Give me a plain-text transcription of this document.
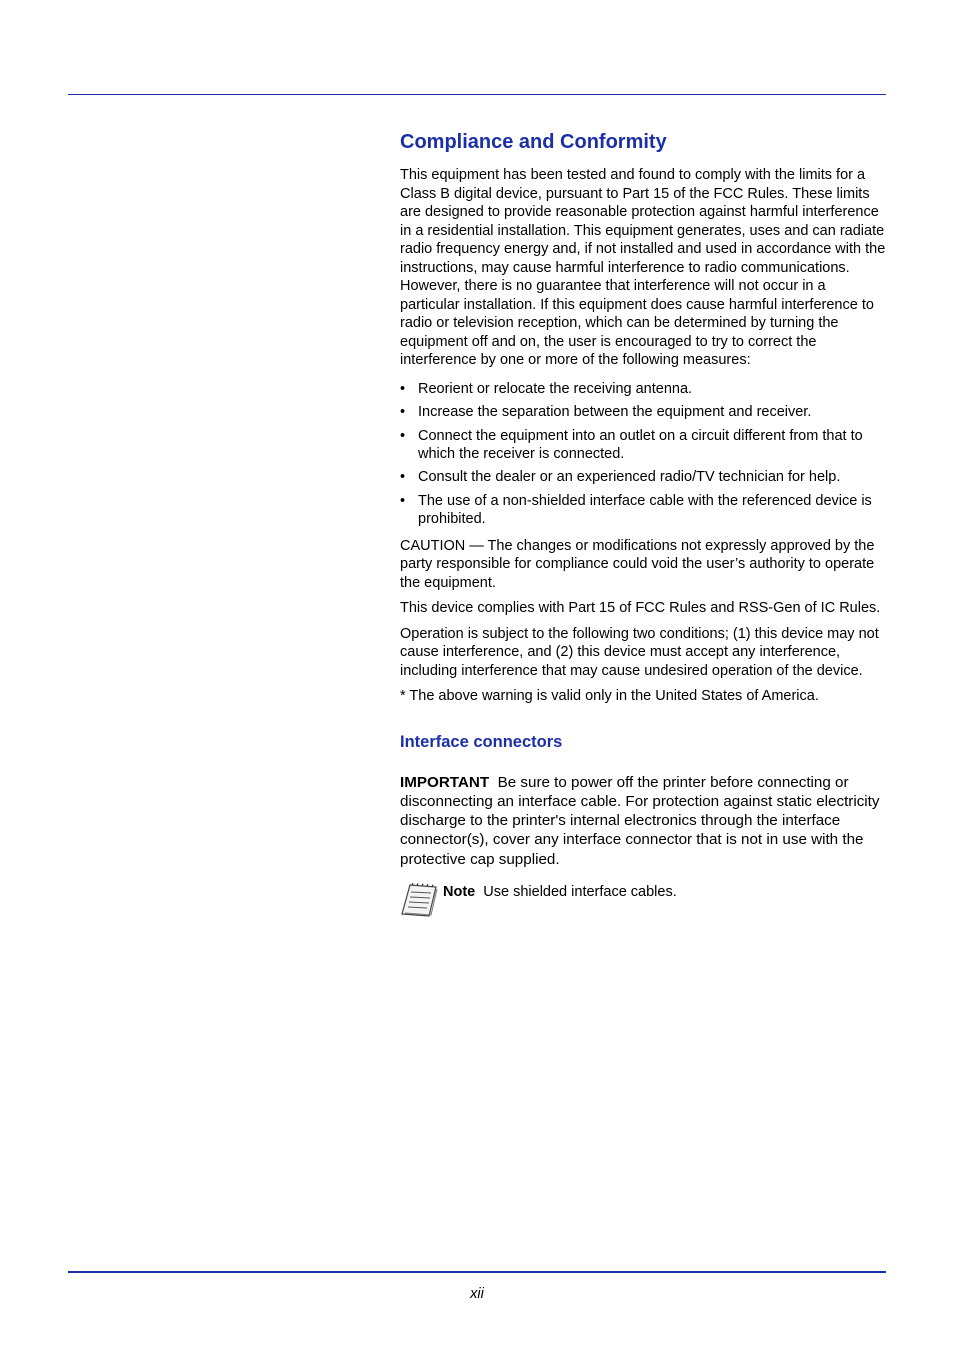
Compliance and Conformity

This equipment has been tested and found to comply with the limits for a Class B digital device, pursuant to Part 15 of the FCC Rules. These limits are designed to provide reasonable protection against harmful interference in a residential installation. This equipment generates, uses and can radiate radio frequency energy and, if not installed and used in accordance with the instructions, may cause harmful interference to radio communications. However, there is no guarantee that interference will not occur in a particular installation. If this equipment does cause harmful interference to radio or television reception, which can be determined by turning the equipment off and on, the user is encouraged to try to correct the interference by one or more of the following measures:

• Reorient or relocate the receiving antenna.
• Increase the separation between the equipment and receiver.
• Connect the equipment into an outlet on a circuit different from that to which the receiver is connected.
• Consult the dealer or an experienced radio/TV technician for help.
• The use of a non-shielded interface cable with the referenced device is prohibited.

CAUTION — The changes or modifications not expressly approved by the party responsible for compliance could void the user’s authority to operate the equipment.

This device complies with Part 15 of FCC Rules and RSS-Gen of IC Rules.

Operation is subject to the following two conditions; (1) this device may not cause interference, and (2) this device must accept any interference, including interference that may cause undesired operation of the device.

* The above warning is valid only in the United States of America.

Interface connectors

IMPORTANT Be sure to power off the printer before connecting or disconnecting an interface cable. For protection against static electricity discharge to the printer's internal electronics through the interface connector(s), cover any interface connector that is not in use with the protective cap supplied.

Note Use shielded interface cables.
xii
